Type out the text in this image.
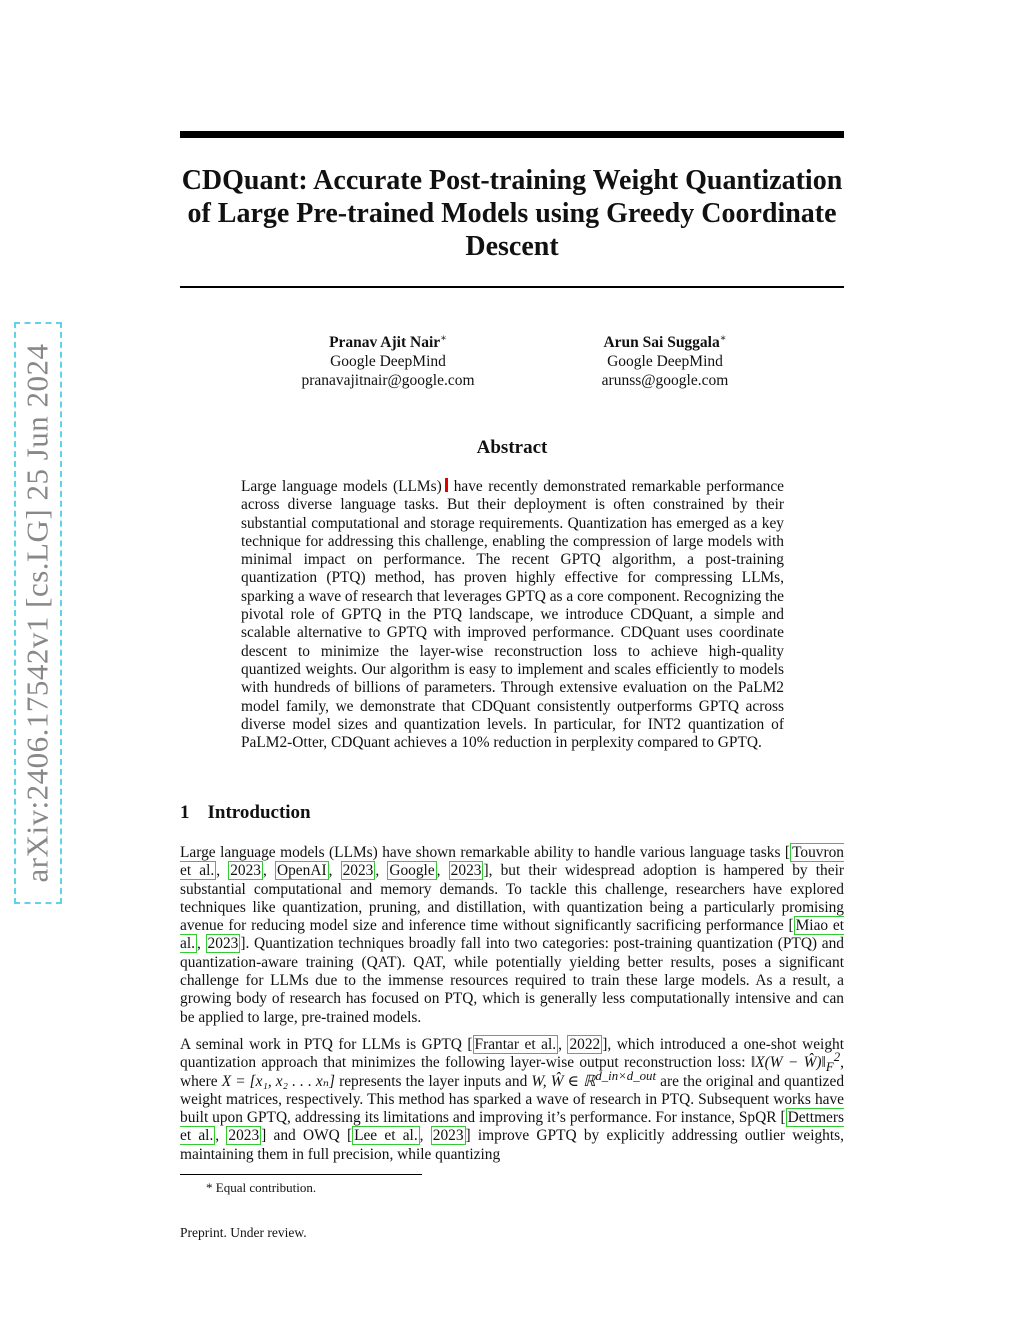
arXiv:2406.17542v1 [cs.LG] 25 Jun 2024
CDQuant: Accurate Post-training Weight Quantization of Large Pre-trained Models using Greedy Coordinate Descent
Pranav Ajit Nair∗
Google DeepMind
pranavajitnair@google.com
Arun Sai Suggala∗
Google DeepMind
arunss@google.com
Abstract

Large language models (LLMs) have recently demonstrated remarkable performance across diverse language tasks. But their deployment is often constrained by their substantial computational and storage requirements. Quantization has emerged as a key technique for addressing this challenge, enabling the compression of large models with minimal impact on performance. The recent GPTQ algorithm, a post-training quantization (PTQ) method, has proven highly effective for compressing LLMs, sparking a wave of research that leverages GPTQ as a core component. Recognizing the pivotal role of GPTQ in the PTQ landscape, we introduce CDQuant, a simple and scalable alternative to GPTQ with improved performance. CDQuant uses coordinate descent to minimize the layer-wise reconstruction loss to achieve high-quality quantized weights. Our algorithm is easy to implement and scales efficiently to models with hundreds of billions of parameters. Through extensive evaluation on the PaLM2 model family, we demonstrate that CDQuant consistently outperforms GPTQ across diverse model sizes and quantization levels. In particular, for INT2 quantization of PaLM2-Otter, CDQuant achieves a 10% reduction in perplexity compared to GPTQ.

1 Introduction

Large language models (LLMs) have shown remarkable ability to handle various language tasks [ Touvron et al. , 2023 , OpenAI , 2023 , Google , 2023 ], but their widespread adoption is hampered by their substantial computational and memory demands. To tackle this challenge, researchers have explored techniques like quantization, pruning, and distillation, with quantization being a particularly promising avenue for reducing model size and inference time without significantly sacrificing performance [ Miao et al. , 2023 ]. Quantization techniques broadly fall into two categories: post-training quantization (PTQ) and quantization-aware training (QAT). QAT, while potentially yielding better results, poses a significant challenge for LLMs due to the immense resources required to train these large models. As a result, a growing body of research has focused on PTQ, which is generally less computationally intensive and can be applied to large, pre-trained models.

A seminal work in PTQ for LLMs is GPTQ [ Frantar et al. , 2022 ], which introduced a one-shot weight quantization approach that minimizes the following layer-wise output reconstruction loss: ‖X(W − $Ŵ)‖_F^2$, where X = [x₁, x₂ . . . xₙ] represents the layer inputs and W, Ŵ ∈ ℝ$^{d\_in\times d\_out}$ are the original and quantized weight matrices, respectively. This method has sparked a wave of research in PTQ. Subsequent works have built upon GPTQ, addressing its limitations and improving it’s performance. For instance, SpQR [ Dettmers et al. , 2023 ] and OWQ [ Lee et al. , 2023 ] improve GPTQ by explicitly addressing outlier weights, maintaining them in full precision, while quantizing

* Equal contribution.

Preprint. Under review.
